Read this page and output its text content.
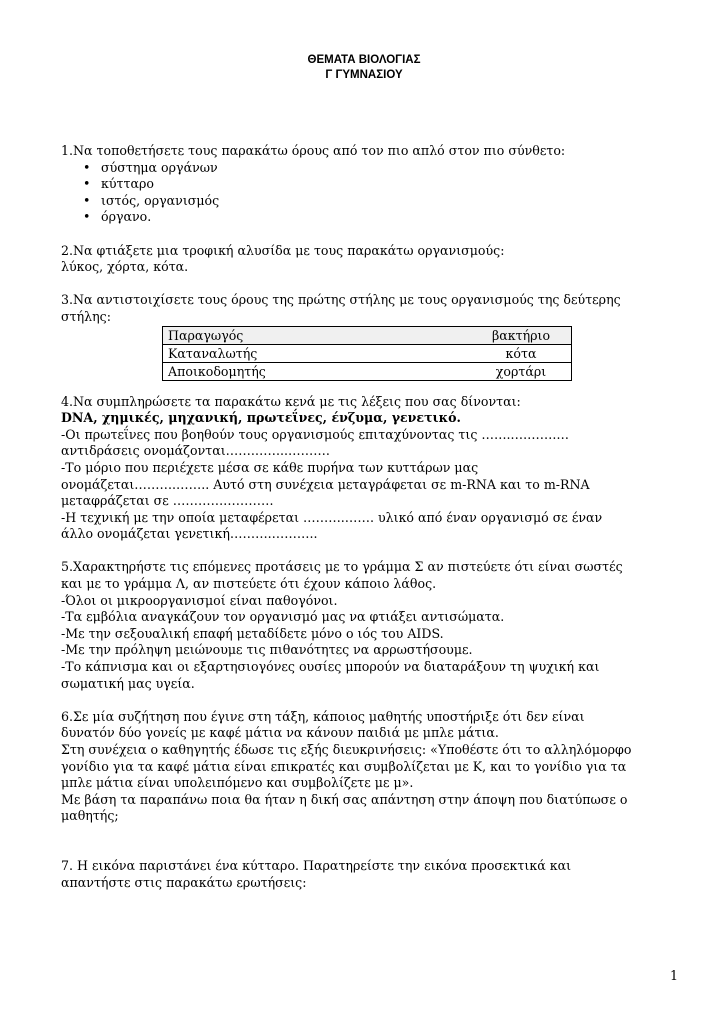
ΘΕΜΑΤΑ ΒΙΟΛΟΓΙΑΣ
Γ ΓΥΜΝΑΣΙΟΥ

1.Να τοποθετήσετε τους παρακάτω όρους από τον πιο απλό στον πιο σύνθετο:

• σύστημα οργάνων
• κύτταρο
• ιστός, οργανισμός
• όργανο.

2.Να φτιάξετε μια τροφική αλυσίδα με τους παρακάτω οργανισμούς:

λύκος, χόρτα, κότα.

3.Να αντιστοιχίσετε τους όρους της πρώτης στήλης με τους οργανισμούς της δεύτερης

στήλης:

Παραγωγός	βακτήριο
Καταναλωτής	κότα
Αποικοδομητής	χορτάρι

4.Να συμπληρώσετε τα παρακάτω κενά με τις λέξεις που σας δίνονται:

DNA, χημικές, μηχανική, πρωτεΐνες, ένζυμα, γενετικό.

-Οι πρωτεΐνες που βοηθούν τους οργανισμούς επιταχύνοντας τις ……..……….…

αντιδράσεις ονομάζονται…….……..……….

-Το μόριο που περιέχετε μέσα σε κάθε πυρήνα των κυττάρων μας

ονομάζεται……….…….. Αυτό στη συνέχεια μεταγράφεται σε m-RNA και το m-RNA

μεταφράζεται σε ……………………

-Η τεχνική με την οποία μεταφέρεται ……….……. υλικό από έναν οργανισμό σε έναν

άλλο ονομάζεται γενετική……….………..

5.Χαρακτηρήστε τις επόμενες προτάσεις με το γράμμα Σ αν πιστεύετε ότι είναι σωστές

και με το γράμμα Λ, αν πιστεύετε ότι έχουν κάποιο λάθος.

-Όλοι οι μικροοργανισμοί είναι παθογόνοι.

-Τα εμβόλια αναγκάζουν τον οργανισμό μας να φτιάξει αντισώματα.

-Με την σεξουαλική επαφή μεταδίδετε μόνο ο ιός του AIDS.

-Με την πρόληψη μειώνουμε τις πιθανότητες να αρρωστήσουμε.

-Το κάπνισμα και οι εξαρτησιογόνες ουσίες μπορούν να διαταράξουν τη ψυχική και

σωματική μας υγεία.

6.Σε μία συζήτηση που έγινε στη τάξη, κάποιος μαθητής υποστήριξε ότι δεν είναι

δυνατόν δύο γονείς με καφέ μάτια να κάνουν παιδιά με μπλε μάτια.

Στη συνέχεια ο καθηγητής έδωσε τις εξής διευκρινήσεις: «Υποθέστε ότι το αλληλόμορφο

γονίδιο για τα καφέ μάτια είναι επικρατές και συμβολίζεται με Κ, και το γονίδιο για τα

μπλε μάτια είναι υπολειπόμενο και συμβολίζετε με μ».

Με βάση τα παραπάνω ποια θα ήταν η δική σας απάντηση στην άποψη που διατύπωσε ο

μαθητής;

7. Η εικόνα παριστάνει ένα κύτταρο. Παρατηρείστε την εικόνα προσεκτικά και

απαντήστε στις παρακάτω ερωτήσεις:

1
